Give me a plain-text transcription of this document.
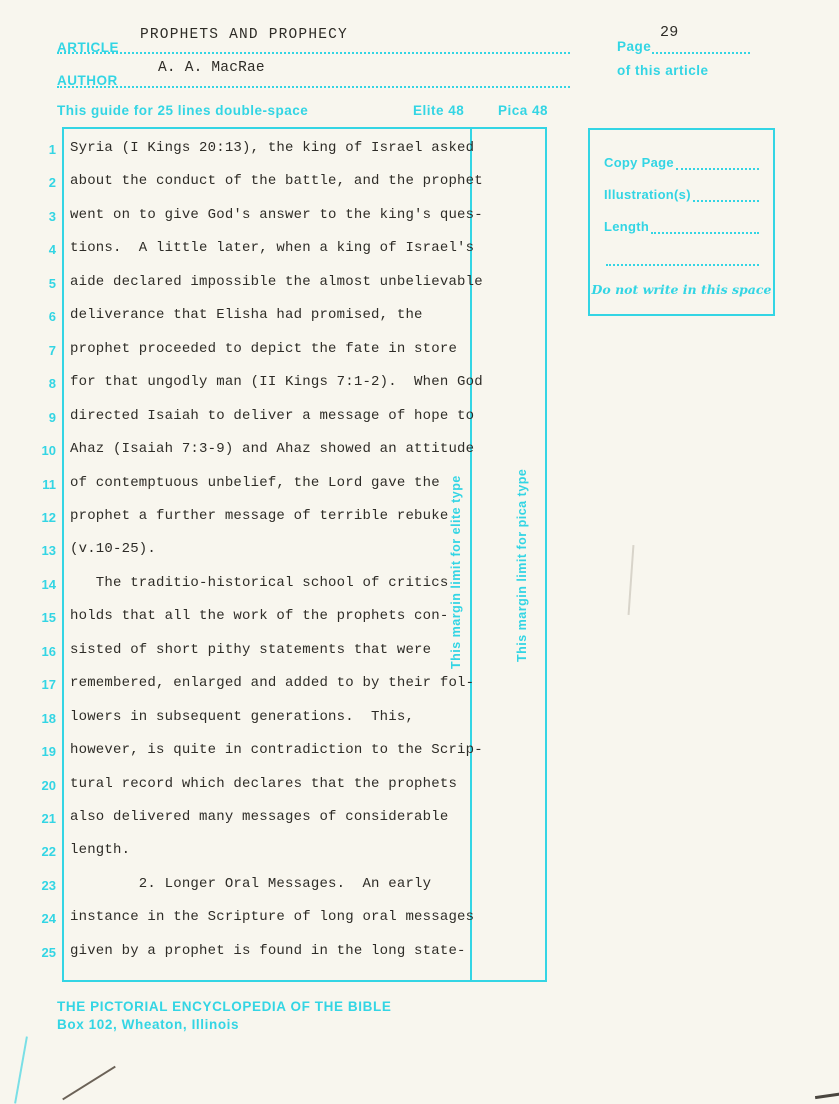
ARTICLE
PROPHETS AND PROPHECY
AUTHOR
A. A. MacRae
This guide for 25 lines double-space	Elite 48 Pica 48
Page
29
of this article
Copy Page
Illustration(s)
Length
Do not write in this space
This margin limit for elite type	This margin limit for pica type
1 Syria (I Kings 20:13), the king of Israel asked
2 about the conduct of the battle, and the prophet
3 went on to give God's answer to the king's ques-
4 tions.  A little later, when a king of Israel's
5 aide declared impossible the almost unbelievable
6 deliverance that Elisha had promised, the
7 prophet proceeded to depict the fate in store
8 for that ungodly man (II Kings 7:1-2).  When God
9 directed Isaiah to deliver a message of hope to
10 Ahaz (Isaiah 7:3-9) and Ahaz showed an attitude
11 of contemptuous unbelief, the Lord gave the
12 prophet a further message of terrible rebuke
13 (v.10-25).
14 The traditio-historical school of critics
15 holds that all the work of the prophets con-
16 sisted of short pithy statements that were
17 remembered, enlarged and added to by their fol-
18 lowers in subsequent generations.  This,
19 however, is quite in contradiction to the Scrip-
20 tural record which declares that the prophets
21 also delivered many messages of considerable
22 length.
23 2. Longer Oral Messages.  An early
24 instance in the Scripture of long oral messages
25 given by a prophet is found in the long state-
THE PICTORIAL ENCYCLOPEDIA OF THE BIBLE
Box 102, Wheaton, Illinois
